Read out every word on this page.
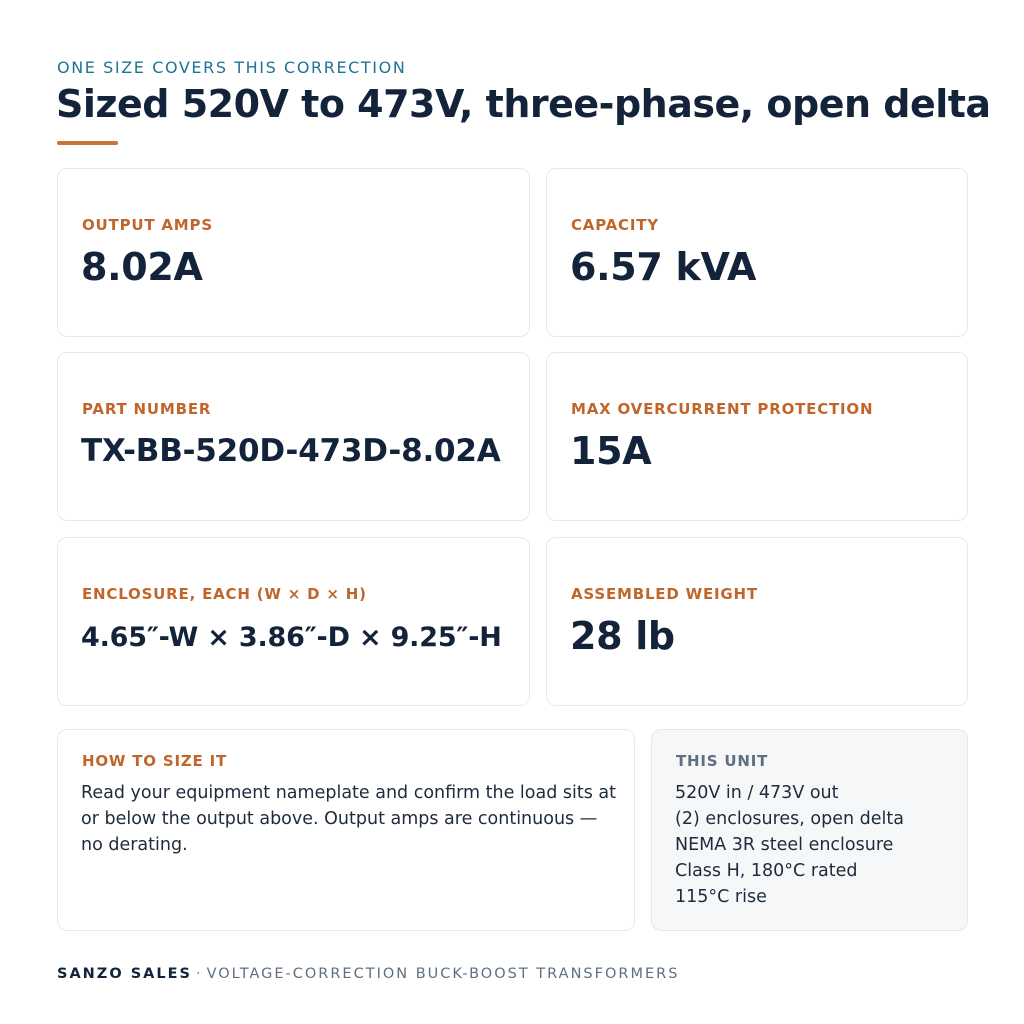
ONE SIZE COVERS THIS CORRECTION
Sized 520V to 473V, three-phase, open delta
OUTPUT AMPS
8.02A
CAPACITY
6.57 kVA
PART NUMBER
TX-BB-520D-473D-8.02A
MAX OVERCURRENT PROTECTION
15A
ENCLOSURE, EACH (W × D × H)
4.65″-W × 3.86″-D × 9.25″-H
ASSEMBLED WEIGHT
28 lb
HOW TO SIZE IT
Read your equipment nameplate and confirm the load sits at or below the output above. Output amps are continuous — no derating.
THIS UNIT
520V in / 473V out
(2) enclosures, open delta
NEMA 3R steel enclosure
Class H, 180°C rated
115°C rise
SANZO SALES · VOLTAGE-CORRECTION BUCK-BOOST TRANSFORMERS
